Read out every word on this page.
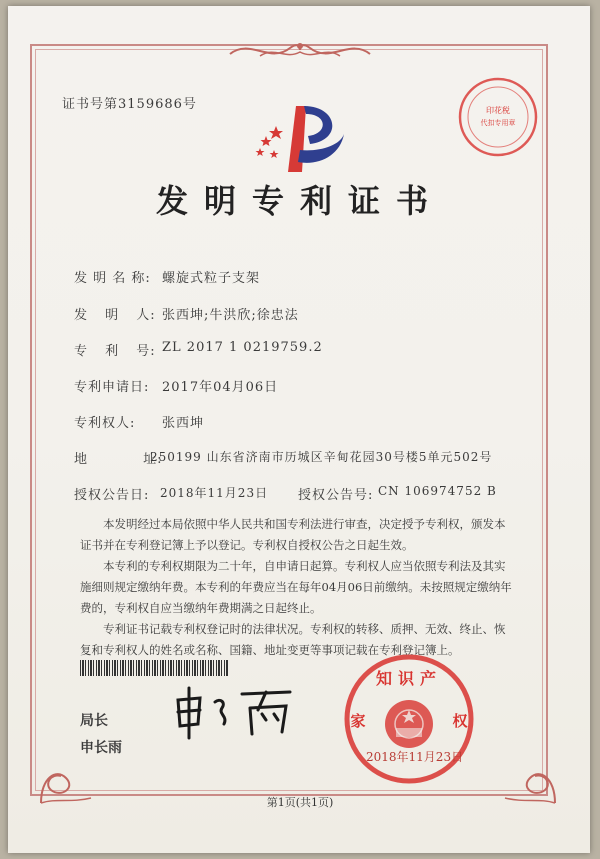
证书号第3159686号	印花税
代扣专用章
发明专利证书
发 明 名 称: 螺旋式粒子支架
发 明 人: 张西坤;牛洪欣;徐忠法
专 利 号: ZL 2017 1 0219759.2
专利申请日: 2017年04月06日
专利权人: 张西坤
地 址:
250199 山东省济南市历城区辛甸花园30号楼5单元502号
授权公告日: 2018年11月23日 授权公告号: CN 106974752 B

本发明经过本局依照中华人民共和国专利法进行审查，决定授予专利权，颁发本证书并在专利登记簿上予以登记。专利权自授权公告之日起生效。

本专利的专利权期限为二十年，自申请日起算。专利权人应当依照专利法及其实施细则规定缴纳年费。本专利的年费应当在每年04月06日前缴纳。未按照规定缴纳年费的，专利权自应当缴纳年费期满之日起终止。

专利证书记载专利权登记时的法律状况。专利权的转移、质押、无效、终止、恢复和专利权人的姓名或名称、国籍、地址变更等事项记载在专利登记簿上。

局长
申长雨
知识产
家	权
2018年11月23日
第1页(共1页)
